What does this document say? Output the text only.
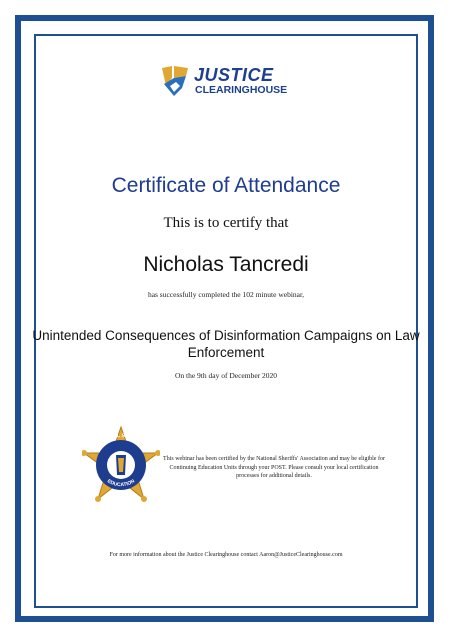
JUSTICE
CLEARINGHOUSE
Certificate of Attendance
This is to certify that
Nicholas Tancredi
has successfully completed the 102 minute webinar,
Unintended Consequences of Disinformation Campaigns on Law Enforcement
On the 9th day of December 2020
NATIONAL SHERIFFS'
EDUCATION
This webinar has been certified by the National Sheriffs' Association and may be eligible for Continuing Education Units through your POST. Please consult your local certification processes for additional details.
For more information about the Justice Clearinghouse contact Aaron@JusticeClearinghouse.com
